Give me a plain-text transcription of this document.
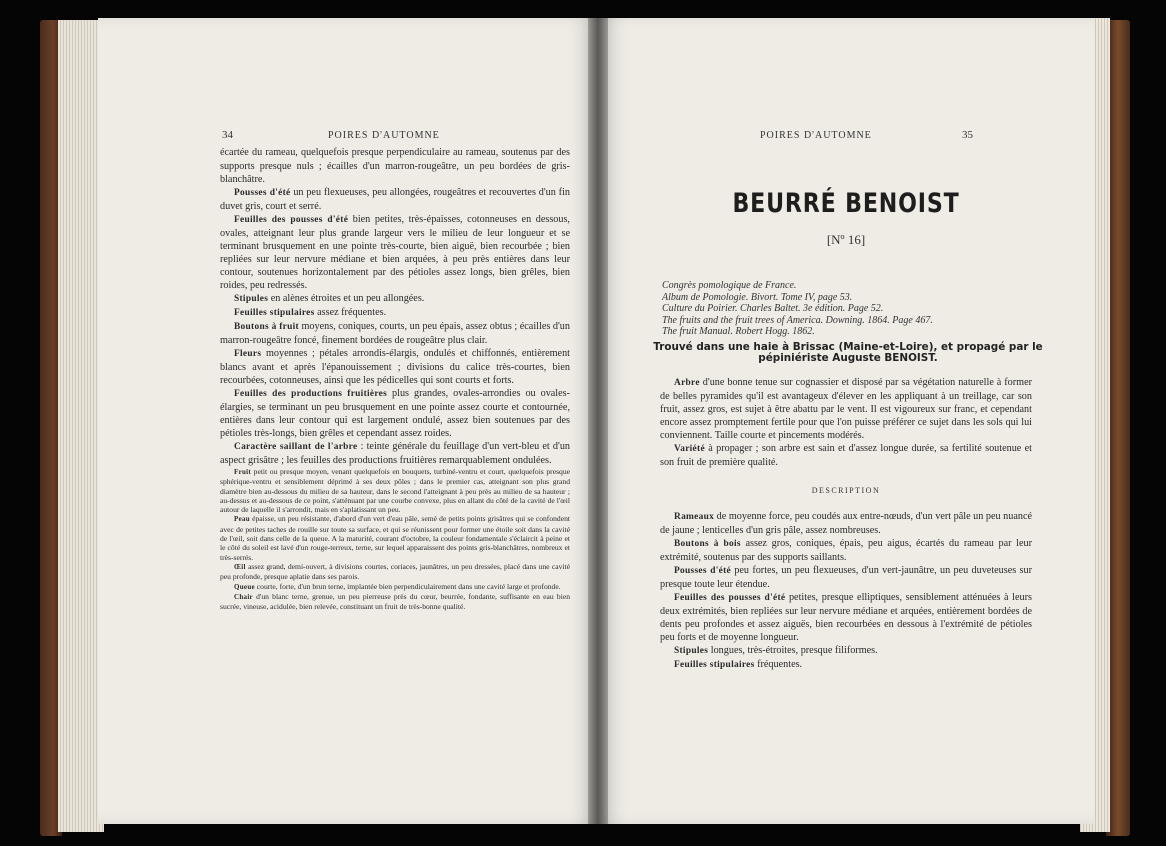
34	POIRES D'AUTOMNE

écartée du rameau, quelquefois presque perpendiculaire au rameau, soutenus par des supports presque nuls ; écailles d'un marron-rougeâtre, un peu bordées de gris-blanchâtre.

Pousses d'été un peu flexueuses, peu allongées, rougeâtres et recouvertes d'un fin duvet gris, court et serré.

Feuilles des pousses d'été bien petites, très-épaisses, cotonneuses en dessous, ovales, atteignant leur plus grande largeur vers le milieu de leur longueur et se terminant brusquement en une pointe très-courte, bien aiguë, bien recourbée ; bien repliées sur leur nervure médiane et bien arquées, à peu près entières dans leur contour, soutenues horizontalement par des pétioles assez longs, bien grêles, bien roides, peu redressés.

Stipules en alènes étroites et un peu allongées.

Feuilles stipulaires assez fréquentes.

Boutons à fruit moyens, coniques, courts, un peu épais, assez obtus ; écailles d'un marron-rougeâtre foncé, finement bordées de rougeâtre plus clair.

Fleurs moyennes ; pétales arrondis-élargis, ondulés et chiffonnés, entièrement blancs avant et après l'épanouissement ; divisions du calice très-courtes, bien recourbées, cotonneuses, ainsi que les pédicelles qui sont courts et forts.

Feuilles des productions fruitières plus grandes, ovales-arrondies ou ovales-élargies, se terminant un peu brusquement en une pointe assez courte et contournée, entières dans leur contour qui est largement ondulé, assez bien soutenues par des pétioles très-longs, bien grêles et cependant assez roides.

Caractère saillant de l'arbre : teinte générale du feuillage d'un vert-bleu et d'un aspect grisâtre ; les feuilles des productions fruitières remarquablement ondulées.

Fruit petit ou presque moyen, venant quelquefois en bouquets, turbiné-ventru et court, quelquefois presque sphérique-ventru et sensiblement déprimé à ses deux pôles ; dans le premier cas, atteignant son plus grand diamètre bien au-dessous du milieu de sa hauteur, dans le second l'atteignant à peu près au milieu de sa hauteur ; au-dessus et au-dessous de ce point, s'atténuant par une courbe convexe, plus en allant du côté de la cavité de l'œil autour de laquelle il s'arrondit, mais en s'aplatissant un peu.

Peau épaisse, un peu résistante, d'abord d'un vert d'eau pâle, semé de petits points grisâtres qui se confondent avec de petites taches de rouille sur toute sa surface, et qui se réunissent pour former une étoile soit dans la cavité de l'œil, soit dans celle de la queue. A la maturité, courant d'octobre, la couleur fondamentale s'éclaircit à peine et le côté du soleil est lavé d'un rouge-terreux, terne, sur lequel apparaissent des points gris-blanchâtres, nombreux et très-serrés.

Œil assez grand, demi-ouvert, à divisions courtes, coriaces, jaunâtres, un peu dressées, placé dans une cavité peu profonde, presque aplatie dans ses parois.

Queue courte, forte, d'un brun terne, implantée bien perpendiculairement dans une cavité large et profonde.

Chair d'un blanc terne, grenue, un peu pierreuse près du cœur, beurrée, fondante, suffisante en eau bien sucrée, vineuse, acidulée, bien relevée, constituant un fruit de très-bonne qualité.

POIRES D'AUTOMNE	35
BEURRÉ BENOIST
[Nº 16]
Congrès pomologique de France.
Album de Pomologie. Bivort. Tome IV, page 53.
Culture du Poirier. Charles Baltet. 3e édition. Page 52.
The fruits and the fruit trees of America. Downing. 1864. Page 467.
The fruit Manual. Robert Hogg. 1862.
Trouvé dans une haie à Brissac (Maine-et-Loire), et propagé par le pépiniériste Auguste BENOIST.

Arbre d'une bonne tenue sur cognassier et disposé par sa végétation naturelle à former de belles pyramides qu'il est avantageux d'élever en les appliquant à un treillage, car son fruit, assez gros, est sujet à être abattu par le vent. Il est vigoureux sur franc, et cependant encore assez promptement fertile pour que l'on puisse préférer ce sujet dans les sols qui lui conviennent. Taille courte et pincements modérés.

Variété à propager ; son arbre est sain et d'assez longue durée, sa fertilité soutenue et son fruit de première qualité.

DESCRIPTION

Rameaux de moyenne force, peu coudés aux entre-nœuds, d'un vert pâle un peu nuancé de jaune ; lenticelles d'un gris pâle, assez nombreuses.

Boutons à bois assez gros, coniques, épais, peu aigus, écartés du rameau par leur extrémité, soutenus par des supports saillants.

Pousses d'été peu fortes, un peu flexueuses, d'un vert-jaunâtre, un peu duveteuses sur presque toute leur étendue.

Feuilles des pousses d'été petites, presque elliptiques, sensiblement atténuées à leurs deux extrémités, bien repliées sur leur nervure médiane et arquées, entièrement bordées de dents peu profondes et assez aiguës, bien recourbées en dessous à l'extrémité de pétioles peu forts et de moyenne longueur.

Stipules longues, très-étroites, presque filiformes.

Feuilles stipulaires fréquentes.
